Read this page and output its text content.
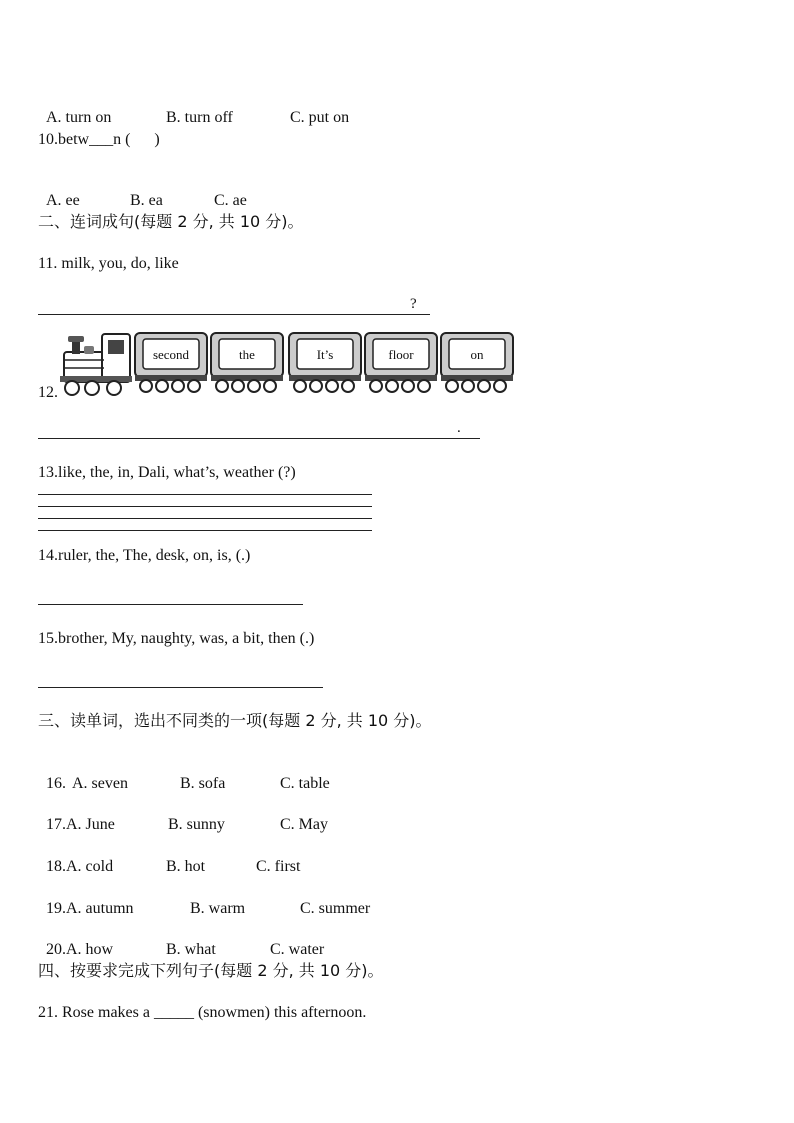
A. turn on	B. turn off	C. put on

10.betw___n (      )

A. ee	B. ea	C. ae

二、连词成句(每题 2 分, 共 10 分)。
11. milk, you, do, like
?
12.
second	the	It’s	floor	on
.
13.like, the, in, Dali, what’s, weather (?)
14.ruler, the, The, desk, on, is, (.)
15.brother, My, naughty, was, a bit, then (.)
三、读单词，选出不同类的一项(每题 2 分, 共 10 分)。

16. A. seven	B. sofa	C. table

17.A. June	B. sunny	C. May

18.A. cold	B. hot	C. first

19.A. autumn	B. warm	C. summer

20.A. how	B. what	C. water

四、按要求完成下列句子(每题 2 分, 共 10 分)。
21. Rose makes a _____ (snowmen) this afternoon.
